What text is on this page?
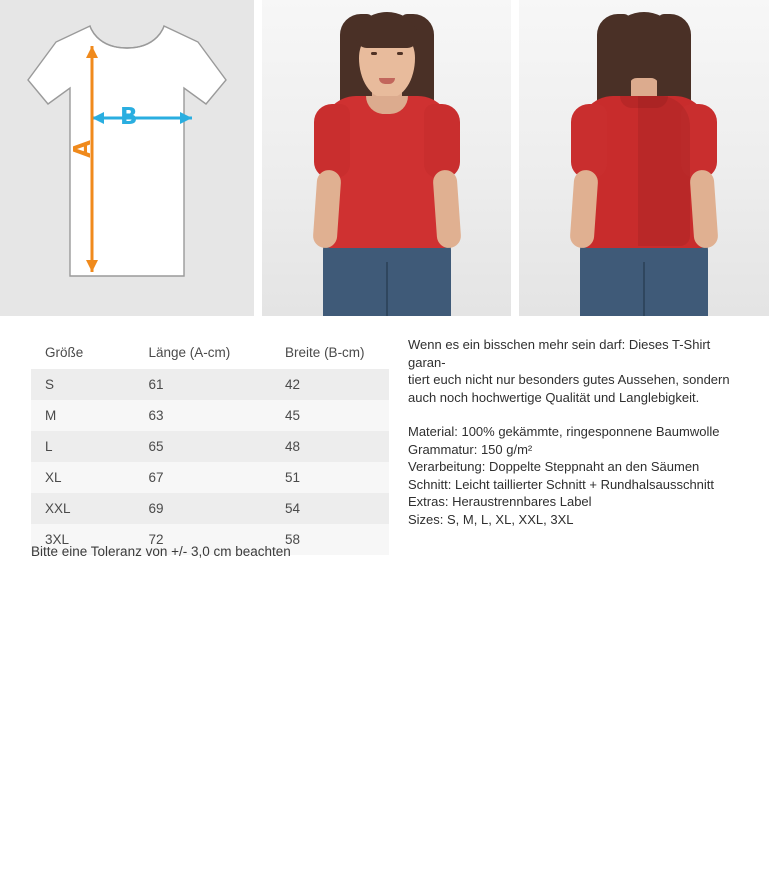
B
A
Größe	Länge (A-cm)	Breite (B-cm)
S	61	42
M	63	45
L	65	48
XL	67	51
XXL	69	54
3XL	72	58
Bitte eine Toleranz von +/- 3,0 cm beachten

Wenn es ein bisschen mehr sein darf: Dieses T-Shirt garan-

tiert euch nicht nur besonders gutes Aussehen, sondern

auch noch hochwertige Qualität und Langlebigkeit.

Material: 100% gekämmte, ringesponnene Baumwolle

Grammatur: 150 g/m²

Verarbeitung: Doppelte Steppnaht an den Säumen

Schnitt: Leicht taillierter Schnitt + Rundhalsausschnitt

Extras: Heraustrennbares Label

Sizes: S, M, L, XL, XXL, 3XL
